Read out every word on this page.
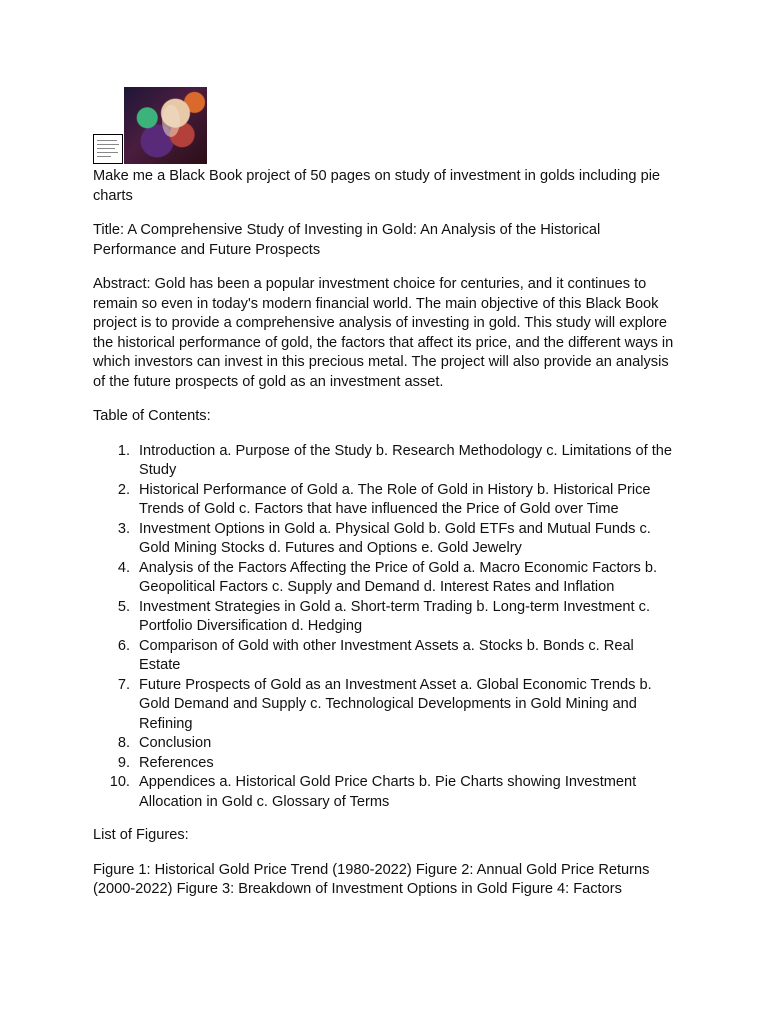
Make me a Black Book project of 50 pages on study of investment in golds including pie charts

Title: A Comprehensive Study of Investing in Gold: An Analysis of the Historical Performance and Future Prospects

Abstract: Gold has been a popular investment choice for centuries, and it continues to remain so even in today's modern financial world. The main objective of this Black Book project is to provide a comprehensive analysis of investing in gold. This study will explore the historical performance of gold, the factors that affect its price, and the different ways in which investors can invest in this precious metal. The project will also provide an analysis of the future prospects of gold as an investment asset.

Table of Contents:

1. Introduction a. Purpose of the Study b. Research Methodology c. Limitations of the Study
2. Historical Performance of Gold a. The Role of Gold in History b. Historical Price Trends of Gold c. Factors that have influenced the Price of Gold over Time
3. Investment Options in Gold a. Physical Gold b. Gold ETFs and Mutual Funds c. Gold Mining Stocks d. Futures and Options e. Gold Jewelry
4. Analysis of the Factors Affecting the Price of Gold a. Macro Economic Factors b. Geopolitical Factors c. Supply and Demand d. Interest Rates and Inflation
5. Investment Strategies in Gold a. Short-term Trading b. Long-term Investment c. Portfolio Diversification d. Hedging
6. Comparison of Gold with other Investment Assets a. Stocks b. Bonds c. Real Estate
7. Future Prospects of Gold as an Investment Asset a. Global Economic Trends b. Gold Demand and Supply c. Technological Developments in Gold Mining and Refining
8. Conclusion
9. References
10. Appendices a. Historical Gold Price Charts b. Pie Charts showing Investment Allocation in Gold c. Glossary of Terms

List of Figures:

Figure 1: Historical Gold Price Trend (1980-2022) Figure 2: Annual Gold Price Returns (2000-2022) Figure 3: Breakdown of Investment Options in Gold Figure 4: Factors
